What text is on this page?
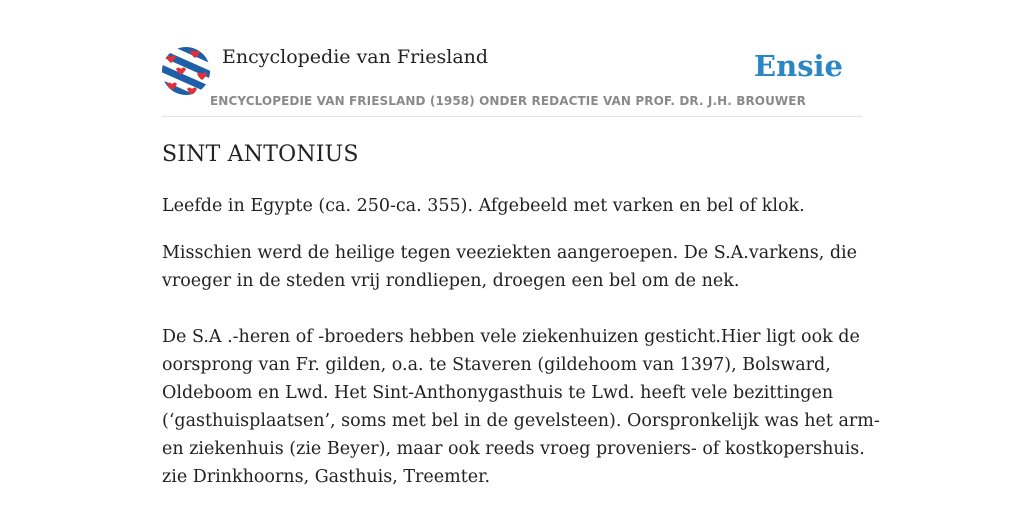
Encyclopedie van Friesland
ENCYCLOPEDIE VAN FRIESLAND (1958) ONDER REDACTIE VAN PROF. DR. J.H. BROUWER
Ensie
SINT ANTONIUS

Leefde in Egypte (ca. 250-ca. 355). Afgebeeld met varken en bel of klok.

Misschien werd de heilige tegen veeziekten aangeroepen. De S.A.varkens, die
vroeger in de steden vrij rondliepen, droegen een bel om de nek.

De S.A .-heren of -broeders hebben vele ziekenhuizen gesticht.Hier ligt ook de
oorsprong van Fr. gilden, o.a. te Staveren (gildehoom van 1397), Bolsward,
Oldeboom en Lwd. Het Sint-Anthonygasthuis te Lwd. heeft vele bezittingen
(‘gasthuisplaatsen’, soms met bel in de gevelsteen). Oorspronkelijk was het arm-
en ziekenhuis (zie Beyer), maar ook reeds vroeg proveniers- of kostkopershuis.
zie Drinkhoorns, Gasthuis, Treemter.
